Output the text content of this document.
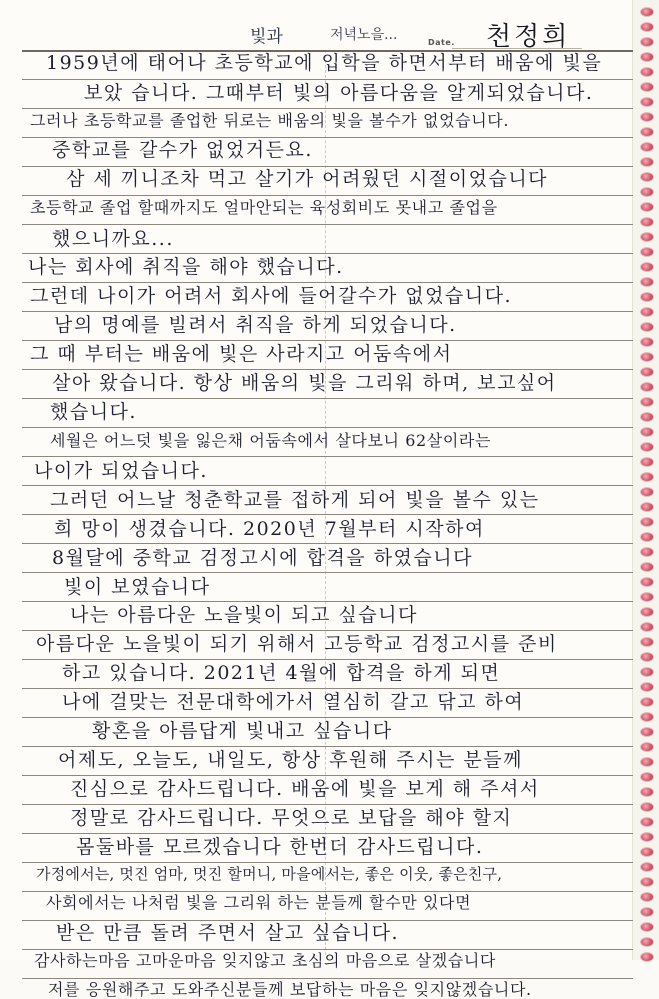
빛과	저녁노을...	Date. 천정희
1959년에 태어나 초등학교에 입학을 하면서부터 배움에 빛을
보았 습니다. 그때부터 빛의 아름다움을 알게되었습니다.
그러나 초등학교를 졸업한 뒤로는 배움의 빛을 볼수가 없었습니다.
중학교를 갈수가 없었거든요.
삼 세 끼니조차 먹고 살기가 어려웠던 시절이었습니다
초등학교 졸업 할때까지도 얼마안되는 육성회비도 못내고 졸업을
했으니까요...
나는 회사에 취직을 해야 했습니다.
그런데 나이가 어려서 회사에 들어갈수가 없었습니다.
남의 명예를 빌려서 취직을 하게 되었습니다.
그 때 부터는 배움에 빛은 사라지고 어둠속에서
살아 왔습니다. 항상 배움의 빛을 그리워 하며, 보고싶어
했습니다.
세월은 어느덧 빛을 잃은채 어둠속에서 살다보니 62살이라는
나이가 되었습니다.
그러던 어느날 청춘학교를 접하게 되어 빛을 볼수 있는
희 망이 생겼습니다. 2020년 7월부터 시작하여
8월달에 중학교 검정고시에 합격을 하였습니다
빛이 보였습니다
나는 아름다운 노을빛이 되고 싶습니다
아름다운 노을빛이 되기 위해서 고등학교 검정고시를 준비
하고 있습니다. 2021년 4월에 합격을 하게 되면
나에 걸맞는 전문대학에가서 열심히 갈고 닦고 하여
황혼을 아름답게 빛내고 싶습니다
어제도, 오늘도, 내일도, 항상 후원해 주시는 분들께
진심으로 감사드립니다. 배움에 빛을 보게 해 주셔서
정말로 감사드립니다. 무엇으로 보답을 해야 할지
몸둘바를 모르겠습니다 한번더 감사드립니다.
가정에서는, 멋진 엄마, 멋진 할머니, 마을에서는, 좋은 이웃, 좋은친구,
사회에서는 나처럼 빛을 그리워 하는 분들께 할수만 있다면
받은 만큼 돌려 주면서 살고 싶습니다.
감사하는마음 고마운마음 잊지않고 초심의 마음으로 살겠습니다
저를 응원해주고 도와주신분들께 보답하는 마음은 잊지않겠습니다.
